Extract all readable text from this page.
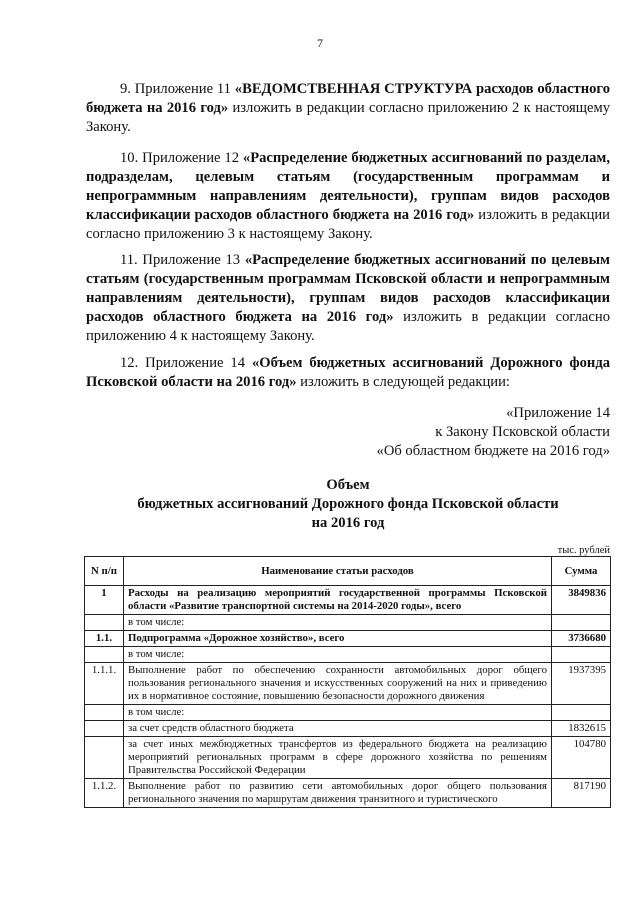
7
9. Приложение 11 «ВЕДОМСТВЕННАЯ СТРУКТУРА расходов областного бюджета на 2016 год» изложить в редакции согласно приложению 2 к настоящему Закону.
10. Приложение 12 «Распределение бюджетных ассигнований по разделам, подразделам, целевым статьям (государственным программам и непрограммным направлениям деятельности), группам видов расходов классификации расходов областного бюджета на 2016 год» изложить в редакции согласно приложению 3 к настоящему Закону.
11. Приложение 13 «Распределение бюджетных ассигнований по целевым статьям (государственным программам Псковской области и непрограммным направлениям деятельности), группам видов расходов классификации расходов областного бюджета на 2016 год» изложить в редакции согласно приложению 4 к настоящему Закону.
12. Приложение 14 «Объем бюджетных ассигнований Дорожного фонда Псковской области на 2016 год» изложить в следующей редакции:
«Приложение 14
к Закону Псковской области
«Об областном бюджете на 2016 год»
Объем
бюджетных ассигнований Дорожного фонда Псковской области
на 2016 год
тыс. рублей
N п/п	Наименование статьи расходов	Сумма
1	Расходы на реализацию мероприятий государственной программы Псковской области «Развитие транспортной системы на 2014-2020 годы», всего	3849836
	в том числе:	
1.1.	Подпрограмма «Дорожное хозяйство», всего	3736680
	в том числе:	
1.1.1.	Выполнение работ по обеспечению сохранности автомобильных дорог общего пользования регионального значения и искусственных сооружений на них и приведению их в нормативное состояние, повышению безопасности дорожного движения	1937395
	в том числе:	
	за счет средств областного бюджета	1832615
	за счет иных межбюджетных трансфертов из федерального бюджета на реализацию мероприятий региональных программ в сфере дорожного хозяйства по решениям Правительства Российской Федерации	104780
1.1.2.	Выполнение работ по развитию сети автомобильных дорог общего пользования регионального значения по маршрутам движения транзитного и туристического	817190
